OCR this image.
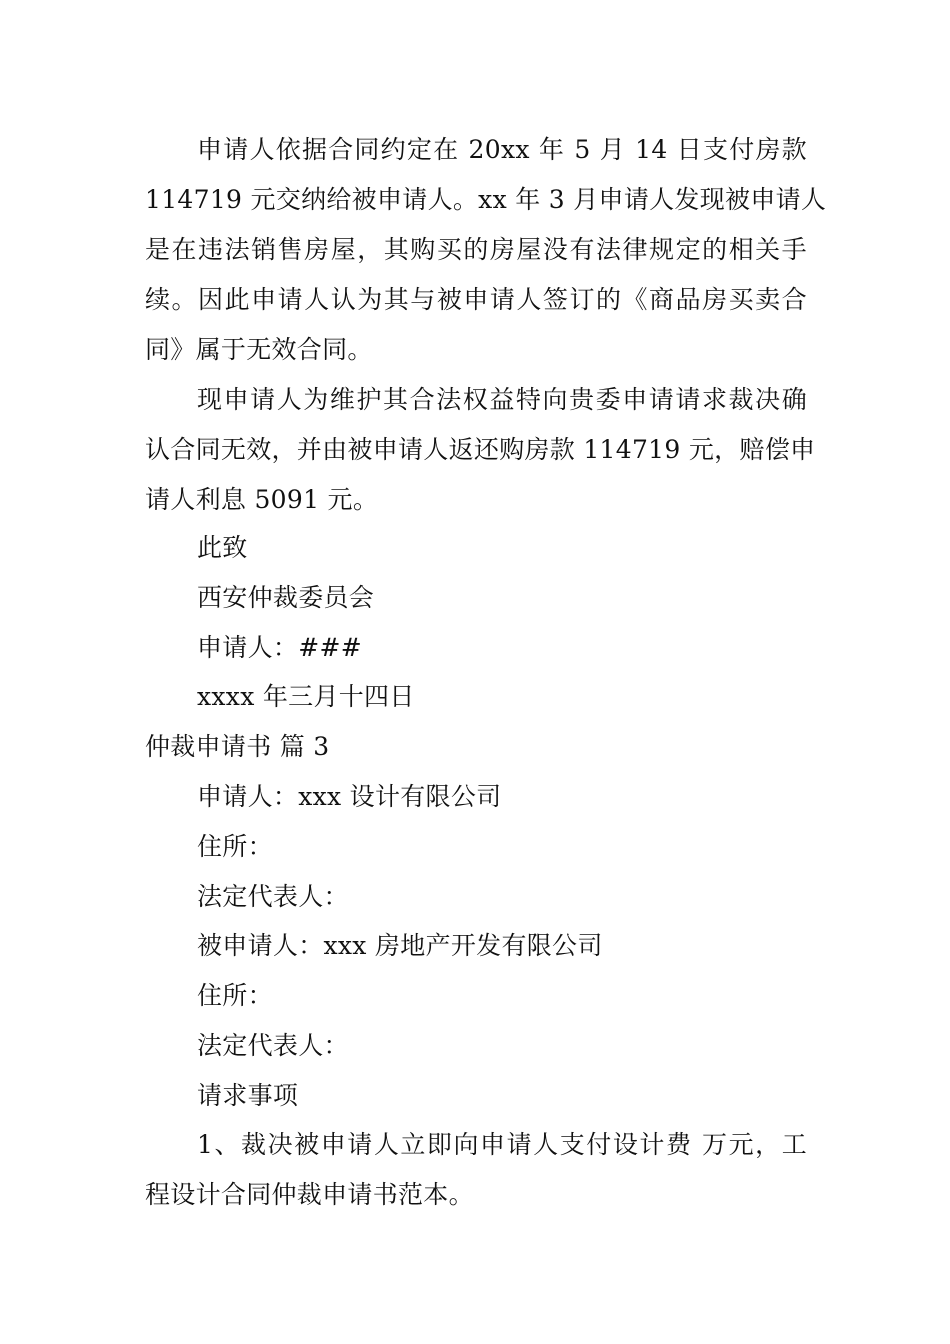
申请人依据合同约定在 20xx 年 5 月 14 日支付房款
114719 元交纳给被申请人。xx 年 3 月申请人发现被申请人
是在违法销售房屋，其购买的房屋没有法律规定的相关手
续。因此申请人认为其与被申请人签订的《商品房买卖合
同》属于无效合同。
现申请人为维护其合法权益特向贵委申请请求裁决确
认合同无效，并由被申请人返还购房款 114719 元，赔偿申
请人利息 5091 元。
此致
西安仲裁委员会
申请人：###
xxxx 年三月十四日
仲裁申请书 篇 3
申请人：xxx 设计有限公司
住所：
法定代表人：
被申请人：xxx 房地产开发有限公司
住所：
法定代表人：
请求事项
1、裁决被申请人立即向申请人支付设计费 万元，工
程设计合同仲裁申请书范本。
